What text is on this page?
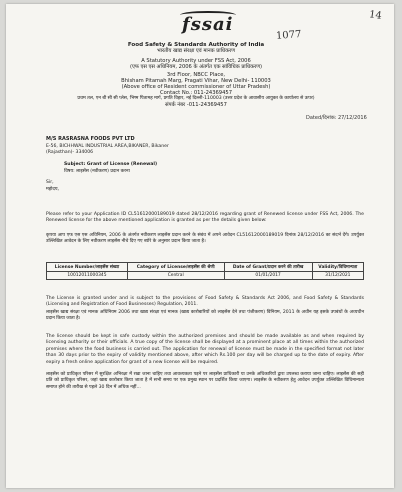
14
fssai
1077
Food Safety & Standards Authority of India
भारतीय खाद्य संरक्षा एवं मानक प्राधिकरण
A Statutory Authority under FSS Act, 2006
(एफ एस एस अधिनियम, 2006 के अंतर्गत एक सांविधिक प्राधिकरण)
3rd Floor, NBCC Place,
Bhisham Pitamah Marg, Pragati Vihar, New Delhi- 110003
(Above office of Resident commissioner of Uttar Pradesh)
Contact No.: 011-24369457
प्रथम तल, एन बी सी सी प्लेस, भिष्म पितामह मार्ग, प्रगति विहार, नई दिल्ली-110003 (उत्तर प्रदेश के आवासीय आयुक्त के कार्यालय से ऊपर)
संपर्क नंबर -011-24369457
Dated/दिनांक: 27/12/2016
M/S RASRASNA FOODS PVT LTD
E-56, BICHHWAL INDUSTRIAL AREA,BIKANER, Bikaner
(Rajasthan)- 334006
Subject: Grant of License (Renewal)
विषय: लाइसेंस (नवीकरण) प्रदान करना
Sir,
महोदय,
Please refer to your Application ID CL51612000189019 dated 28/12/2016 regarding grant of Renewed license under FSS Act, 2006. The Renewed license for the above mentioned application is granted as per the details given below:
कृपया आप एफ एस एस अधिनियम, 2006 के अंतर्गत नवीकरण लाइसेंस प्रदान करने के संबंध में अपने आवेदन CL51612000189019 दिनांक 28/12/2016 का संदर्भ देंगे। उपर्युक्त उल्लिखित आवेदन के लिए नवीकरण लाइसेंस नीचे दिए गए ब्योरे के अनुसार प्रदान किया जाता है।
License Number/लाइसेंस संख्या	Category of License/लाइसेंस की श्रेणी	Date of Grant/प्रदान करने की तारीख	Validity/विधिमान्यता
10012011000345	Central	01/01/2017	31/12/2021
The License is granted under and is subject to the provisions of Food Safety & Standards Act 2006, and Food Safety & Standards (Licensing and Registration of Food Businesses) Regulation, 2011.
लाइसेंस खाद्य संरक्षा एवं मानक अधिनियम 2006 तथा खाद्य संरक्षा एवं मानक (खाद्य कारोबारियों को लाइसेंस देने तथा पंजीकरण) विनियम, 2011 के अधीन यह इसके उपबंधों के अध्यधीन प्रदान किया जाता है।
The license should be kept in safe custody within the authorized premises and should be made available as and when required by licensing authority or their officials. A true copy of the license shall be displayed at a prominent place at all times within the authorized premises where the food business is carried out. The application for renewal of license must be made in the specified format not later than 30 days prior to the expiry of validity mentioned above, after which Rs.100 per day will be charged up to the date of expiry. After expiry a fresh online application for grant of a new license will be required.
लाइसेंस को प्राधिकृत परिसर में सुरक्षित अभिरक्षा में रखा जाना चाहिए तथा आवश्यकता पड़ने पर लाइसेंस प्राधिकारी या उनके अधिकारियों द्वारा उपलब्ध कराया जाना चाहिए। लाइसेंस की सही प्रति को प्राधिकृत परिसर, जहां खाद्य कारोबार किया जाता है में सभी समय पर एक प्रमुख स्थान पर प्रदर्शित किया जाएगा। लाइसेंस के नवीकरण हेतु आवेदन उपर्युक्त उल्लिखित विधिमान्यता समाप्त होने की तारीख से पहले 30 दिन में अधिक नहीं...
